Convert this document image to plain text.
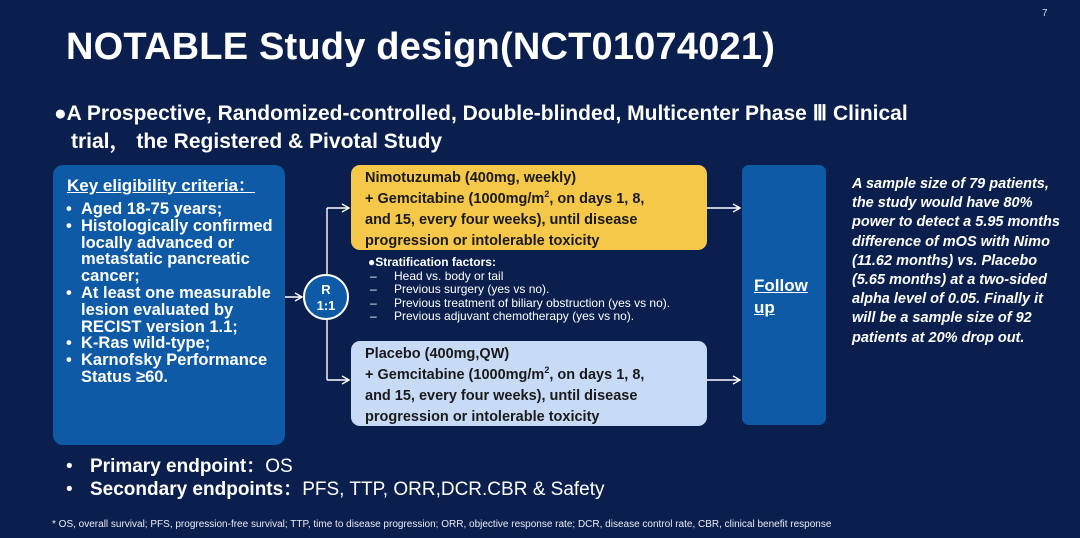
7
NOTABLE Study design(NCT01074021)
●A Prospective, Randomized-controlled, Double-blinded, Multicenter Phase Ⅲ Clinical
trial， the Registered & Pivotal Study
Key eligibility criteria：
• Aged 18-75 years;
• Histologically confirmed locally advanced or metastatic pancreatic cancer;
• At least one measurable lesion evaluated by RECIST version 1.1;
• K-Ras wild-type;
• Karnofsky Performance Status ≥60.
R
1:1
Nimotuzumab (400mg, weekly)
+ Gemcitabine ($1000mg/m^2$, on days 1, 8,
and 15, every four weeks), until disease
progression or intolerable toxicity
●Stratification factors:
– Head vs. body or tail
– Previous surgery (yes vs no).
– Previous treatment of biliary obstruction (yes vs no).
– Previous adjuvant chemotherapy (yes vs no).
Placebo (400mg,QW)
+ Gemcitabine ($1000mg/m^2$, on days 1, 8,
and 15, every four weeks), until disease
progression or intolerable toxicity
Follow
up
A sample size of 79 patients, the study would have 80% power to detect a 5.95 months difference of mOS with Nimo (11.62 months) vs. Placebo (5.65 months) at a two-sided alpha level of 0.05. Finally it will be a sample size of 92 patients at 20% drop out.
• Primary endpoint：OS
• Secondary endpoints：PFS, TTP, ORR,DCR.CBR & Safety
* OS, overall survival; PFS, progression-free survival; TTP, time to disease progression; ORR, objective response rate; DCR, disease control rate, CBR, clinical benefit response
